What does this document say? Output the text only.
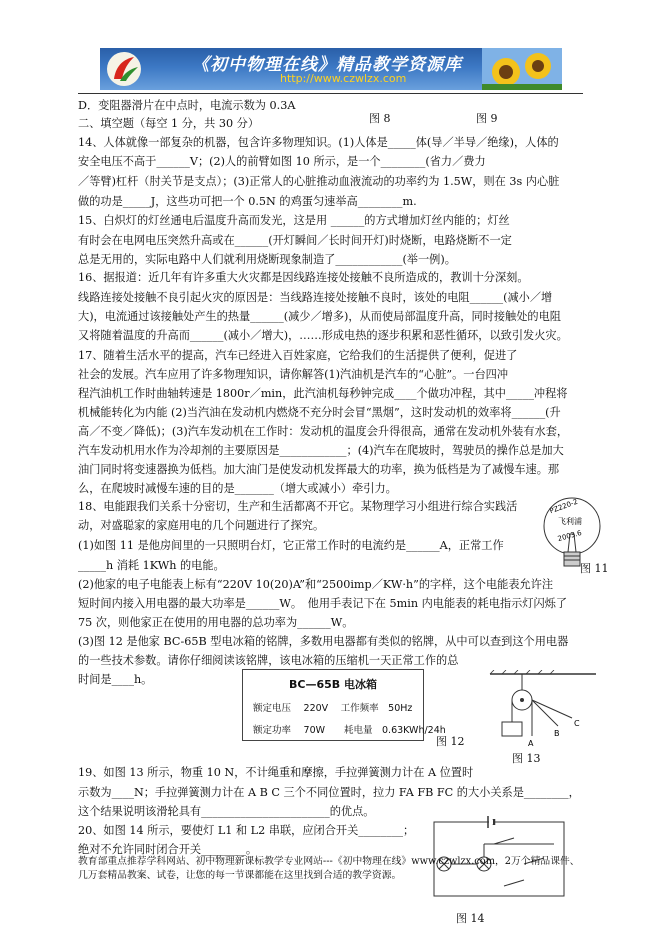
《初中物理在线》精品教学资源库
http://www.czwlzx.com
图 8	图 9
D．变阻器滑片在中点时，电流示数为 0.3A
二、填空题（每空 1 分，共 30 分）
14、人体就像一部复杂的机器，包含许多物理知识。(1)人体是_____体(导／半导／绝缘)，人体的
安全电压不高于______V；(2)人的前臂如图 10 所示，是一个________(省力／费力
／等臂)杠杆（肘关节是支点）；(3)正常人的心脏推动血液流动的功率约为 1.5W，则在 3s 内心脏
做的功是_____J，这些功可把一个 0.5N 的鸡蛋匀速举高________m.
15、白炽灯的灯丝通电后温度升高而发光，这是用 ______的方式增加灯丝内能的；灯丝
有时会在电网电压突然升高或在______(开灯瞬间／长时间开灯)时烧断，电路烧断不一定
总是无用的，实际电路中人们就利用烧断现象制造了____________(举一例)。
16、据报道：近几年有许多重大火灾都是因线路连接处接触不良所造成的，教训十分深刻。
线路连接处接触不良引起火灾的原因是：当线路连接处接触不良时，该处的电阻______(减小／增
大)，电流通过该接触处产生的热量______(减少／增多)，从而使局部温度升高，同时接触处的电阻
又将随着温度的升高而______(减小／增大)，……形成电热的逐步积累和恶性循环，以致引发火灾。
17、随着生活水平的提高，汽车已经进入百姓家庭，它给我们的生活提供了便利，促进了
社会的发展。汽车应用了许多物理知识，请你解答(1)汽油机是汽车的“心脏”。一台四冲
程汽油机工作时曲轴转速是 1800r／min，此汽油机每秒钟完成____个做功冲程，其中_____冲程将
机械能转化为内能 (2)当汽油在发动机内燃烧不充分时会冒“黑烟”，这时发动机的效率将______(升
高／不变／降低)；(3)汽车发动机在工作时：发动机的温度会升得很高，通常在发动机外装有水套，
汽车发动机用水作为冷却剂的主要原因是____________；(4)汽车在爬坡时，驾驶员的操作总是加大
油门同时将变速器换为低档。加大油门是使发动机发挥最大的功率，换为低档是为了减慢车速。那
么，在爬坡时减慢车速的目的是_______（增大或减小）牵引力。
18、电能跟我们关系十分密切，生产和生活都离不开它。某物理学习小组进行综合实践活
动，对盛聪家的家庭用电的几个问题进行了探究。
(1)如图 11 是他房间里的一只照明台灯，它正常工作时的电流约是______A，正常工作
_____h 消耗 1KWh 的电能。
(2)他家的电子电能表上标有“220V 10(20)A”和“2500imp／KW·h”的字样，这个电能表允许注
短时间内接入用电器的最大功率是______W。　他用手表记下在 5min 内电能表的耗电指示灯闪烁了
75 次，则他家正在使用的用电器的总功率为______W。
(3)图 12 是他家 BC-65B 型电冰箱的铭牌，多数用电器都有类似的铭牌，从中可以查到这个用电器
的一些技术参数。请你仔细阅读该铭牌，该电冰箱的压缩机一天正常工作的总
时间是____h。
19、如图 13 所示，物重 10 N，不计绳重和摩擦，手拉弹簧测力计在 A 位置时
示数为____N；手拉弹簧测力计在 A B C 三个不同位置时，拉力 FA FB FC 的大小关系是________，
这个结果说明该滑轮具有_______________________的优点。
20、如图 14 所示，要使灯 L1 和 L2 串联，应闭合开关________；
绝对不允许同时闭合开关________。
PZ220-2
飞利浦
2003.6
图 11
BC—65B 电冰箱
额定电压　 220V　 工作频率　50Hz
额定功率　 70W　　耗电量　0.63KWh/24h
图 12	A
B
C
图 13
图 14
教育部重点推荐学科网站、初中物理新课标教学专业网站---《初中物理在线》www.czwlzx.com，2万个精品课件、
几万套精品教案、试卷，让您的每一节课都能在这里找到合适的教学资源。
